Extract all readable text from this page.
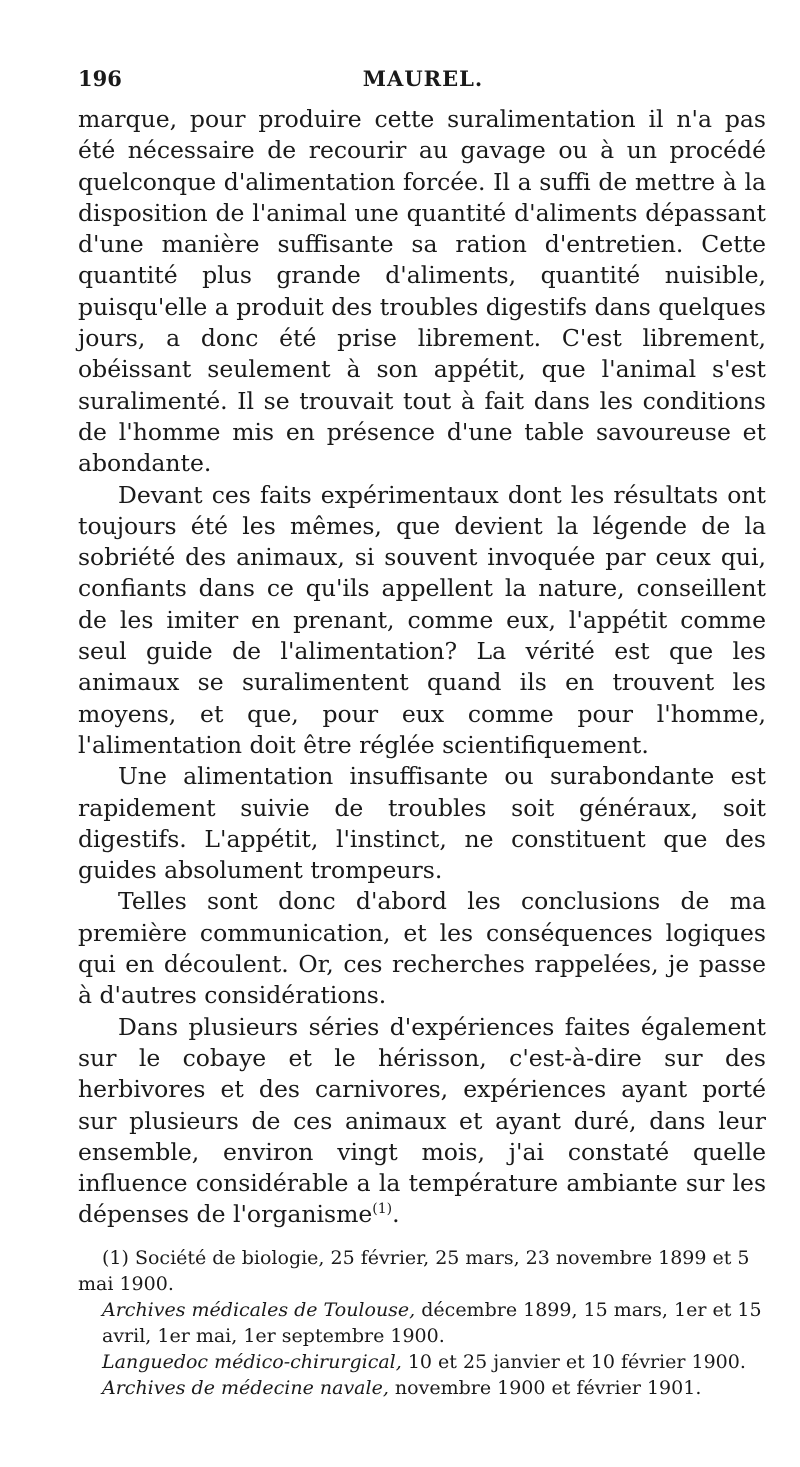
196	MAUREL.

marque, pour produire cette suralimentation il n'a pas été nécessaire de recourir au gavage ou à un procédé quelconque d'alimentation forcée. Il a suffi de mettre à la disposition de l'animal une quantité d'aliments dépassant d'une manière suffisante sa ration d'entretien. Cette quantité plus grande d'aliments, quantité nuisible, puisqu'elle a produit des troubles digestifs dans quelques jours, a donc été prise librement. C'est librement, obéissant seulement à son appétit, que l'animal s'est suralimenté. Il se trouvait tout à fait dans les conditions de l'homme mis en présence d'une table savoureuse et abondante.

Devant ces faits expérimentaux dont les résultats ont toujours été les mêmes, que devient la légende de la sobriété des animaux, si souvent invoquée par ceux qui, confiants dans ce qu'ils appellent la nature, conseillent de les imiter en prenant, comme eux, l'appétit comme seul guide de l'alimentation? La vérité est que les animaux se suralimentent quand ils en trouvent les moyens, et que, pour eux comme pour l'homme, l'alimentation doit être réglée scientifiquement.

Une alimentation insuffisante ou surabondante est rapidement suivie de troubles soit généraux, soit digestifs. L'appétit, l'instinct, ne constituent que des guides absolument trompeurs.

Telles sont donc d'abord les conclusions de ma première communication, et les conséquences logiques qui en découlent. Or, ces recherches rappelées, je passe à d'autres considérations.

Dans plusieurs séries d'expériences faites également sur le cobaye et le hérisson, c'est-à-dire sur des herbivores et des carnivores, expériences ayant porté sur plusieurs de ces animaux et ayant duré, dans leur ensemble, environ vingt mois, j'ai constaté quelle influence considérable a la température ambiante sur les dépenses de l'organisme$^{(1)}$.

(1) Société de biologie, 25 février, 25 mars, 23 novembre 1899 et 5 mai 1900.

Archives médicales de Toulouse, décembre 1899, 15 mars, 1er et 15 avril, 1er mai, 1er septembre 1900.

Languedoc médico-chirurgical, 10 et 25 janvier et 10 février 1900.

Archives de médecine navale, novembre 1900 et février 1901.
